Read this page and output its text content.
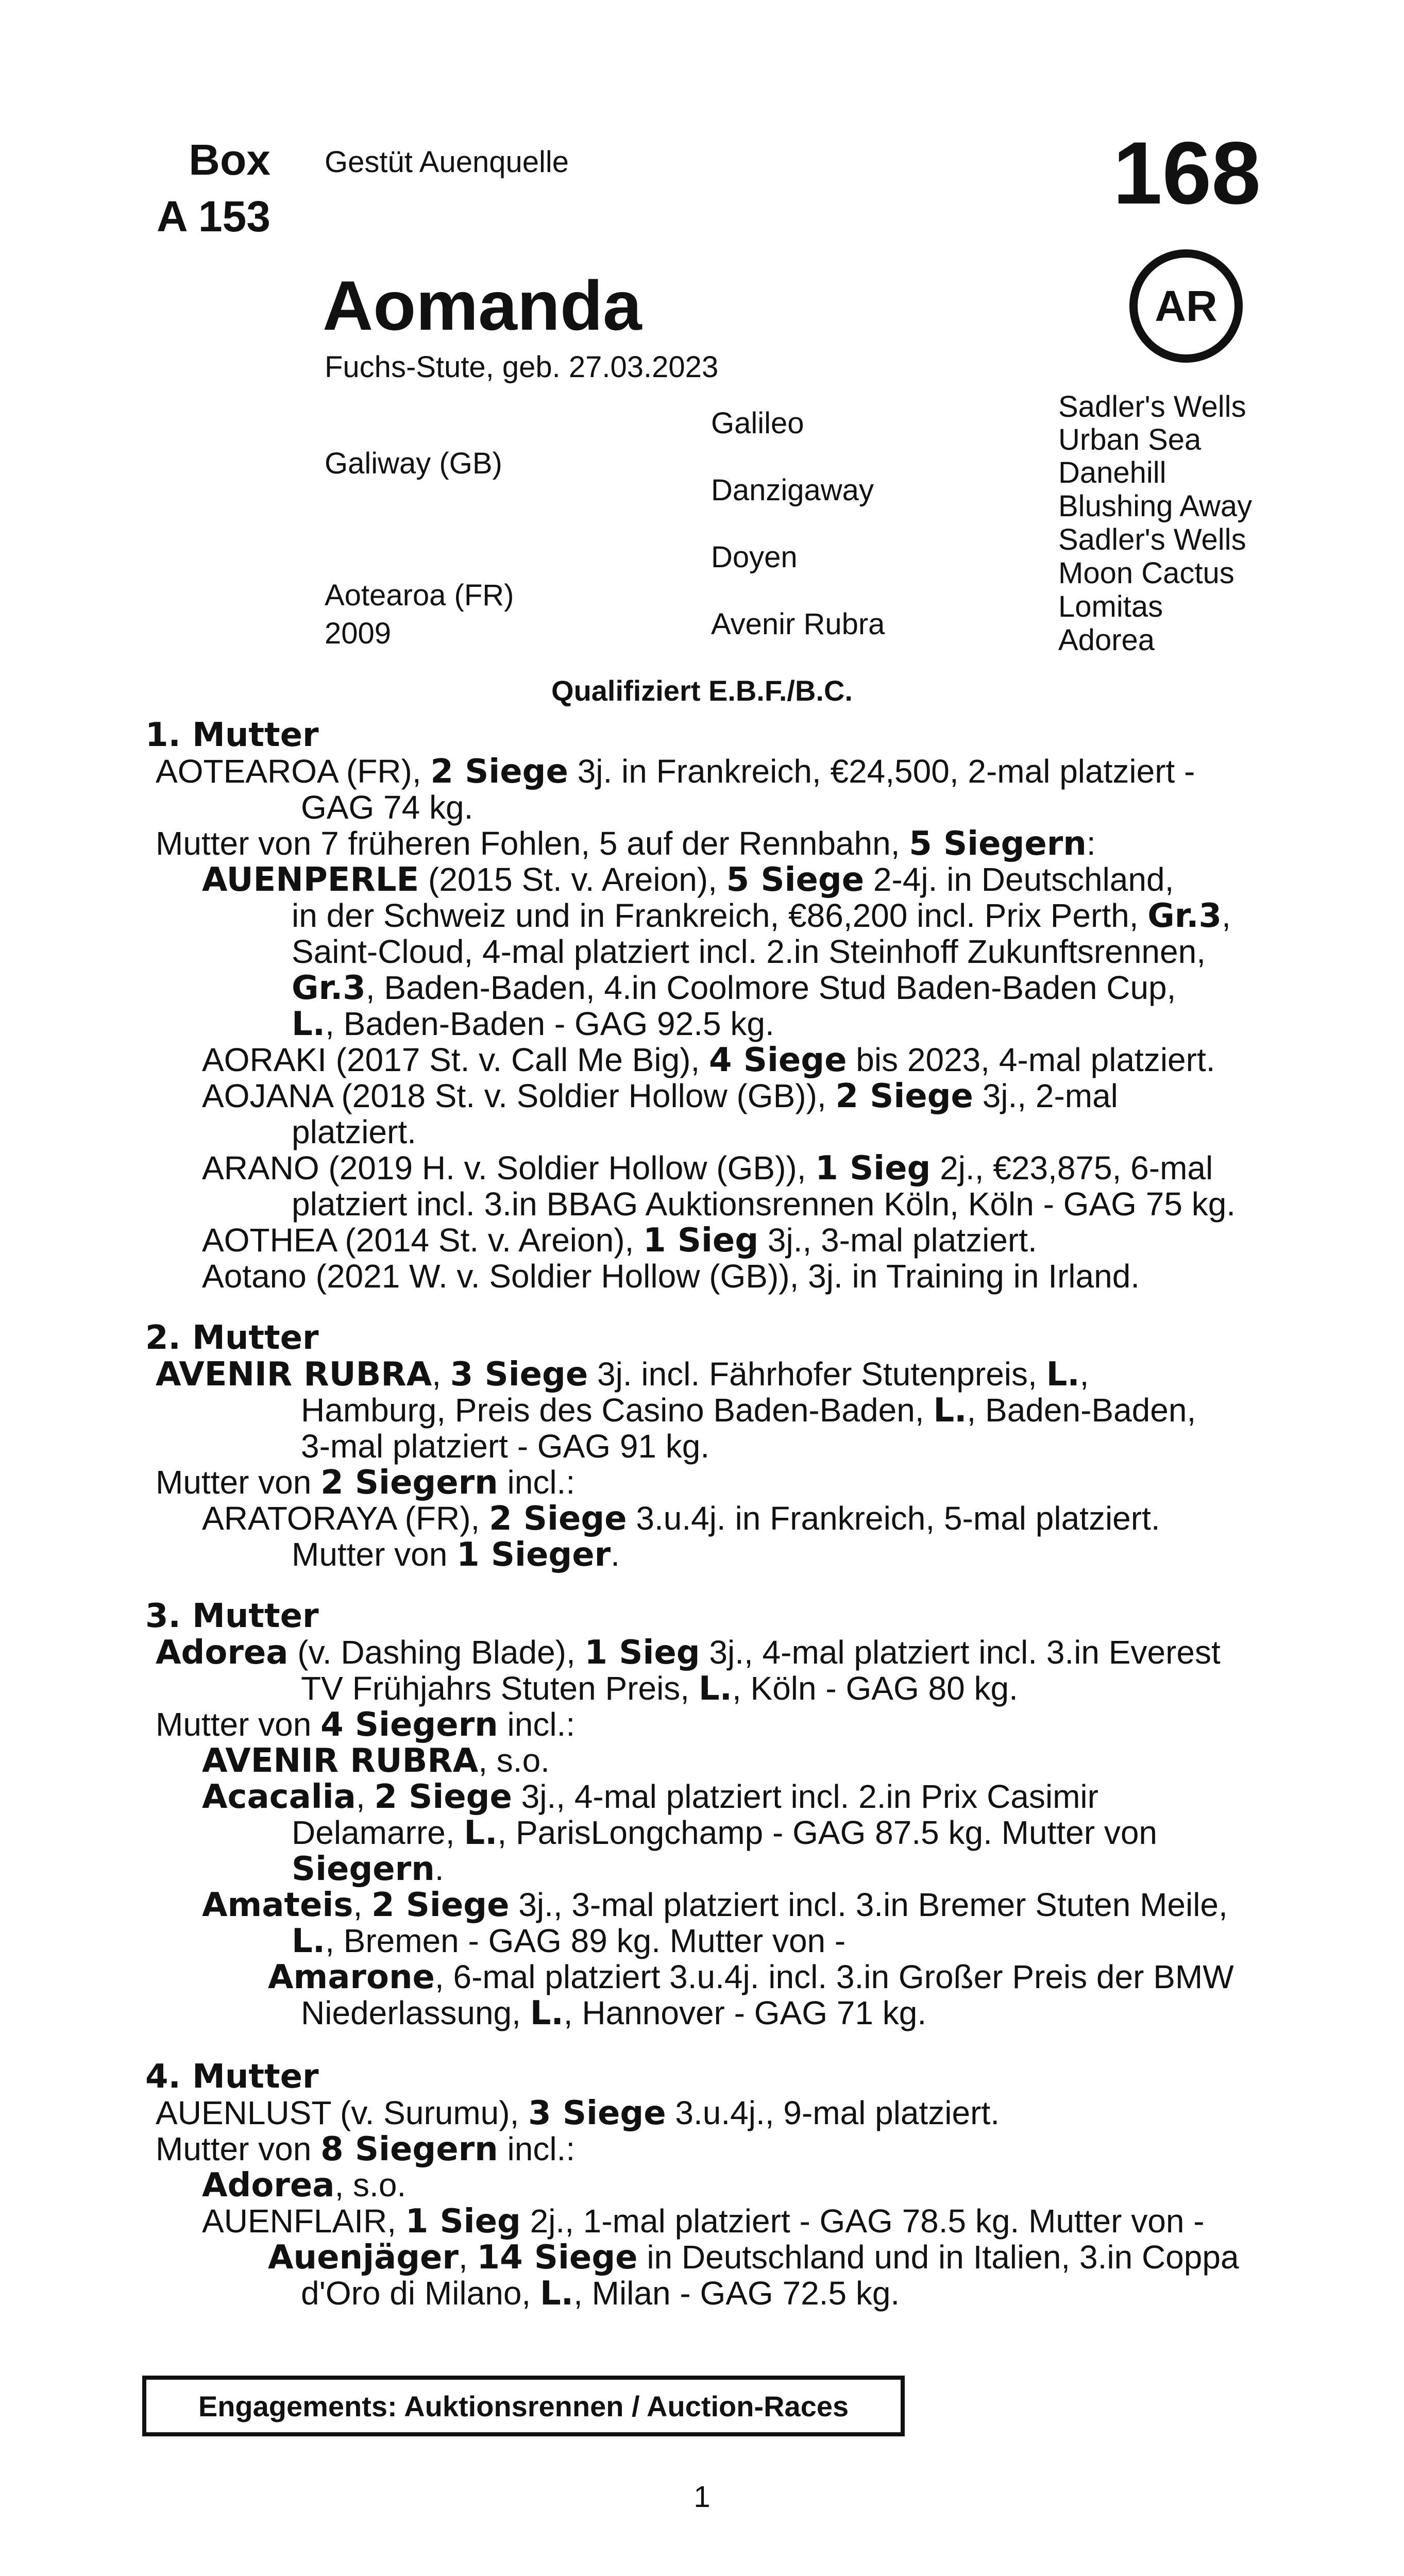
Box
A 153
Gestüt Auenquelle	168
AR
Aomanda
Fuchs-Stute, geb. 27.03.2023
Galiway (GB)
Aotearoa (FR)
2009
Galileo
Danzigaway
Doyen
Avenir Rubra
Sadler's Wells
Urban Sea
Danehill
Blushing Away
Sadler's Wells
Moon Cactus
Lomitas
Adorea
Qualifiziert E.B.F./B.C.
1. Mutter
AOTEAROA (FR), 2 Siege 3j. in Frankreich, €24,500, 2-mal platziert -
GAG 74 kg.
Mutter von 7 früheren Fohlen, 5 auf der Rennbahn, 5 Siegern:
AUENPERLE (2015 St. v. Areion), 5 Siege 2-4j. in Deutschland,
in der Schweiz und in Frankreich, €86,200 incl. Prix Perth, Gr.3,
Saint-Cloud, 4-mal platziert incl. 2.in Steinhoff Zukunftsrennen,
Gr.3, Baden-Baden, 4.in Coolmore Stud Baden-Baden Cup,
L., Baden-Baden - GAG 92.5 kg.
AORAKI (2017 St. v. Call Me Big), 4 Siege bis 2023, 4-mal platziert.
AOJANA (2018 St. v. Soldier Hollow (GB)), 2 Siege 3j., 2-mal
platziert.
ARANO (2019 H. v. Soldier Hollow (GB)), 1 Sieg 2j., €23,875, 6-mal
platziert incl. 3.in BBAG Auktionsrennen Köln, Köln - GAG 75 kg.
AOTHEA (2014 St. v. Areion), 1 Sieg 3j., 3-mal platziert.
Aotano (2021 W. v. Soldier Hollow (GB)), 3j. in Training in Irland.
2. Mutter
AVENIR RUBRA, 3 Siege 3j. incl. Fährhofer Stutenpreis, L.,
Hamburg, Preis des Casino Baden-Baden, L., Baden-Baden,
3-mal platziert - GAG 91 kg.
Mutter von 2 Siegern incl.:
ARATORAYA (FR), 2 Siege 3.u.4j. in Frankreich, 5-mal platziert.
Mutter von 1 Sieger.
3. Mutter
Adorea (v. Dashing Blade), 1 Sieg 3j., 4-mal platziert incl. 3.in Everest
TV Frühjahrs Stuten Preis, L., Köln - GAG 80 kg.
Mutter von 4 Siegern incl.:
AVENIR RUBRA, s.o.
Acacalia, 2 Siege 3j., 4-mal platziert incl. 2.in Prix Casimir
Delamarre, L., ParisLongchamp - GAG 87.5 kg. Mutter von
Siegern.
Amateis, 2 Siege 3j., 3-mal platziert incl. 3.in Bremer Stuten Meile,
L., Bremen - GAG 89 kg. Mutter von -
Amarone, 6-mal platziert 3.u.4j. incl. 3.in Großer Preis der BMW
Niederlassung, L., Hannover - GAG 71 kg.
4. Mutter
AUENLUST (v. Surumu), 3 Siege 3.u.4j., 9-mal platziert.
Mutter von 8 Siegern incl.:
Adorea, s.o.
AUENFLAIR, 1 Sieg 2j., 1-mal platziert - GAG 78.5 kg. Mutter von -
Auenjäger, 14 Siege in Deutschland und in Italien, 3.in Coppa
d'Oro di Milano, L., Milan - GAG 72.5 kg.
Engagements: Auktionsrennen / Auction-Races
1
